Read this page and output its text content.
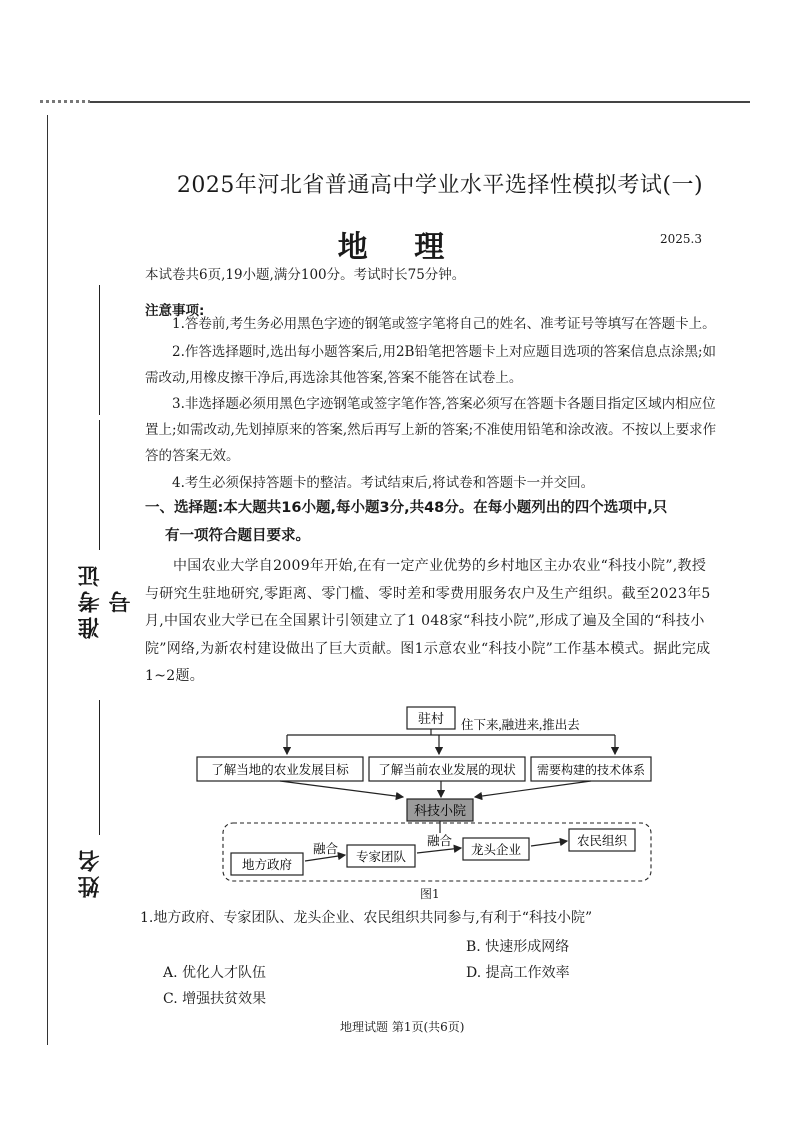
准考证号
姓名
2025年河北省普通高中学业水平选择性模拟考试(一)
地 理	2025.3

本试卷共6页,19小题,满分100分。考试时长75分钟。

注意事项:

1.答卷前,考生务必用黑色字迹的钢笔或签字笔将自己的姓名、准考证号等填写在答题卡上。

2.作答选择题时,选出每小题答案后,用2B铅笔把答题卡上对应题目选项的答案信息点涂黑;如需改动,用橡皮擦干净后,再选涂其他答案,答案不能答在试卷上。

3.非选择题必须用黑色字迹钢笔或签字笔作答,答案必须写在答题卡各题目指定区域内相应位置上;如需改动,先划掉原来的答案,然后再写上新的答案;不准使用铅笔和涂改液。不按以上要求作答的答案无效。

4.考生必须保持答题卡的整洁。考试结束后,将试卷和答题卡一并交回。

一、选择题:本大题共16小题,每小题3分,共48分。在每小题列出的四个选项中,只

有一项符合题目要求。

中国农业大学自2009年开始,在有一定产业优势的乡村地区主办农业“科技小院”,教授与研究生驻地研究,零距离、零门槛、零时差和零费用服务农户及生产组织。截至2023年5月,中国农业大学已在全国累计引领建立了1 048家“科技小院”,形成了遍及全国的“科技小院”网络,为新农村建设做出了巨大贡献。图1示意农业“科技小院”工作基本模式。据此完成1~2题。

驻村 住下来,融进来,推出去
了解当地的农业发展目标 了解当前农业发展的现状 需要构建的技术体系
科技小院
地方政府
专家团队	龙头企业
农民组织
融合
融合
图1

1.地方政府、专家团队、龙头企业、农民组织共同参与,有利于“科技小院”

B. 快速形成网络
A. 优化人才队伍	D. 提高工作效率
C. 增强扶贫效果
地理试题 第1页(共6页)
